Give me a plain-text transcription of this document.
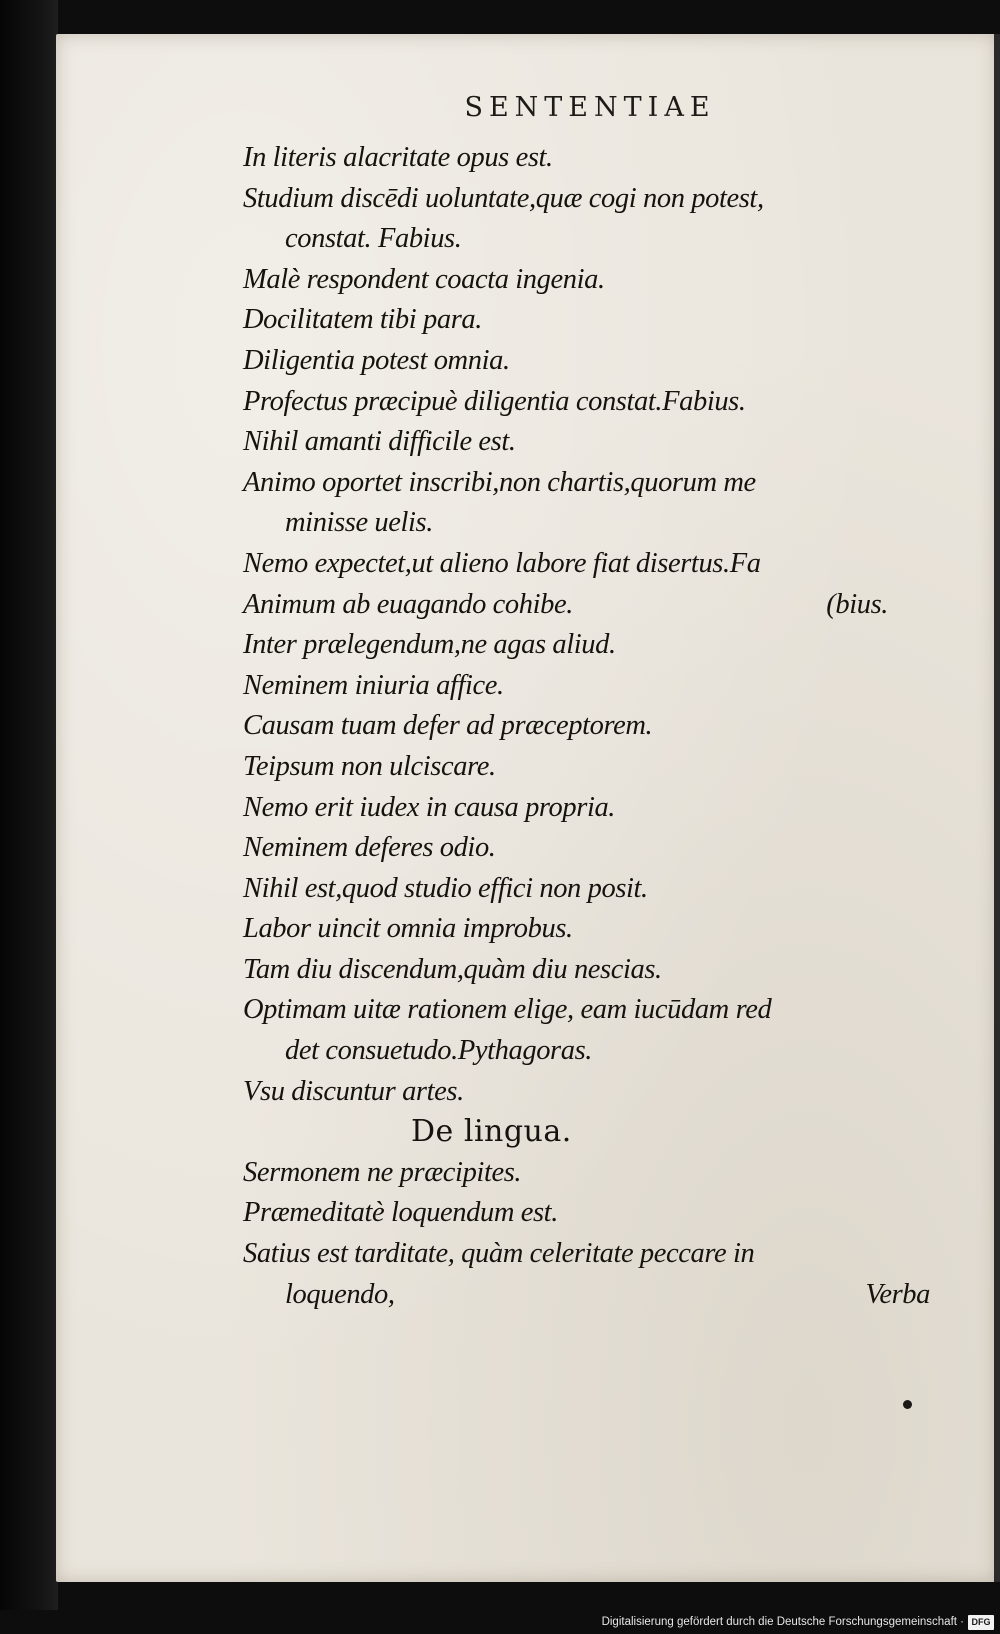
SENTENTIAE
In literis alacritate opus est.
Studium discēdi uoluntate,quæ cogi non potest,
constat. Fabius.
Malè respondent coacta ingenia.
Docilitatem tibi para.
Diligentia potest omnia.
Profectus præcipuè diligentia constat.Fabius.
Nihil amanti difficile est.
Animo oportet inscribi,non chartis,quorum me
minisse uelis.
Nemo expectet,ut alieno labore fiat disertus.Fa
Animum ab euagando cohibe.	(bius.
Inter prælegendum,ne agas aliud.
Neminem iniuria affice.
Causam tuam defer ad præceptorem.
Teipsum non ulciscare.
Nemo erit iudex in causa propria.
Neminem deferes odio.
Nihil est,quod studio effici non posit.
Labor uincit omnia improbus.
Tam diu discendum,quàm diu nescias.
Optimam uitæ rationem elige, eam iucūdam red
det consuetudo.Pythagoras.
Vsu discuntur artes.
De lingua.
Sermonem ne præcipites.
Præmeditatè loquendum est.
Satius est tarditate, quàm celeritate peccare in
loquendo,	Verba
Digitalisierung gefördert durch die Deutsche Forschungsgemeinschaft · DFG
